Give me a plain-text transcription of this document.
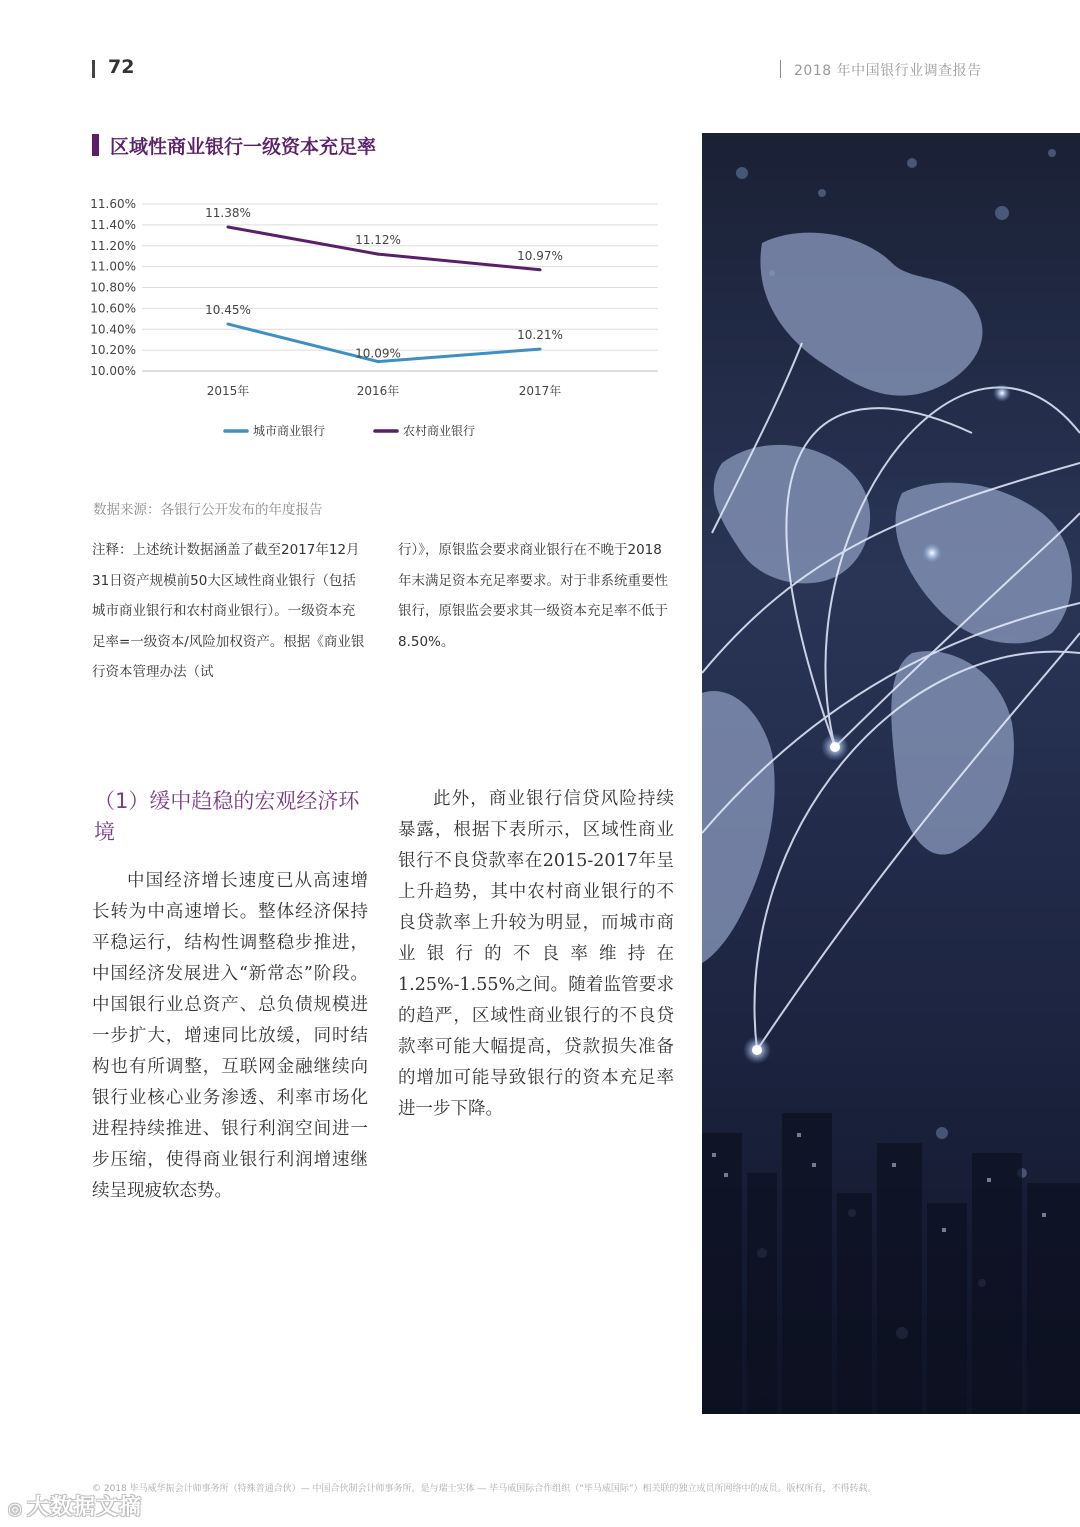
72	2018 年中国银行业调查报告
区域性商业银行一级资本充足率
11.60%
11.40%
11.20%
11.00%
10.80%
10.60%
10.40%
10.20%
10.00%
2015年	2016年	2017年
10.45%
10.09%
10.21%
11.38%
11.12%
10.97%
城市商业银行	农村商业银行
数据来源：各银行公开发布的年度报告
注释：上述统计数据涵盖了截至2017年12月31日资产规模前50大区域性商业银行（包括城市商业银行和农村商业银行）。一级资本充足率=一级资本/风险加权资产。根据《商业银行资本管理办法（试
行）》，原银监会要求商业银行在不晚于2018年末满足资本充足率要求。对于非系统重要性银行，原银监会要求其一级资本充足率不低于8.50%。
（1）缓中趋稳的宏观经济环境
中国经济增长速度已从高速增长转为中高速增长。整体经济保持平稳运行，结构性调整稳步推进，中国经济发展进入“新常态”阶段。中国银行业总资产、总负债规模进一步扩大，增速同比放缓，同时结构也有所调整，互联网金融继续向银行业核心业务渗透、利率市场化进程持续推进、银行利润空间进一步压缩，使得商业银行利润增速继续呈现疲软态势。
此外，商业银行信贷风险持续暴露，根据下表所示，区域性商业银行不良贷款率在2015-2017年呈上升趋势，其中农村商业银行的不良贷款率上升较为明显，而城市商业银行的不良率维持在1.25%-1.55%之间。随着监管要求的趋严，区域性商业银行的不良贷款率可能大幅提高，贷款损失准备的增加可能导致银行的资本充足率进一步下降。
© 2018 毕马威华振会计师事务所（特殊普通合伙）— 中国合伙制会计师事务所，是与瑞士实体 — 毕马威国际合作组织（“毕马威国际”）相关联的独立成员所网络中的成员。版权所有，不得转载。
◎ 大数据文摘
